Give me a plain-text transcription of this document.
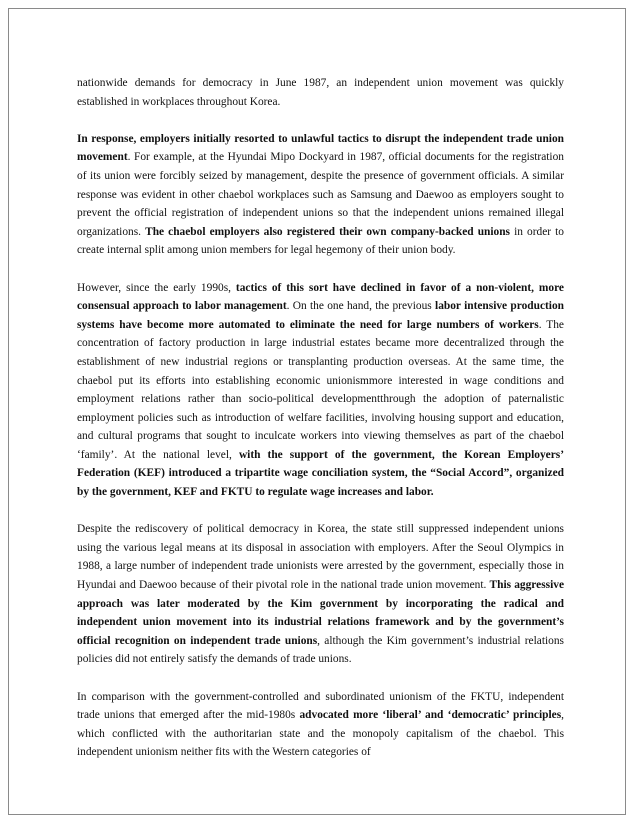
nationwide demands for democracy in June 1987, an independent union movement was quickly established in workplaces throughout Korea.

In response, employers initially resorted to unlawful tactics to disrupt the independent trade union movement. For example, at the Hyundai Mipo Dockyard in 1987, official documents for the registration of its union were forcibly seized by management, despite the presence of government officials. A similar response was evident in other chaebol workplaces such as Samsung and Daewoo as employers sought to prevent the official registration of independent unions so that the independent unions remained illegal organizations. The chaebol employers also registered their own company-backed unions in order to create internal split among union members for legal hegemony of their union body.

However, since the early 1990s, tactics of this sort have declined in favor of a non-violent, more consensual approach to labor management. On the one hand, the previous labor intensive production systems have become more automated to eliminate the need for large numbers of workers. The concentration of factory production in large industrial estates became more decentralized through the establishment of new industrial regions or transplanting production overseas. At the same time, the chaebol put its efforts into establishing economic unionismmore interested in wage conditions and employment relations rather than socio-political developmentthrough the adoption of paternalistic employment policies such as introduction of welfare facilities, involving housing support and education, and cultural programs that sought to inculcate workers into viewing themselves as part of the chaebol ‘family’. At the national level, with the support of the government, the Korean Employers’ Federation (KEF) introduced a tripartite wage conciliation system, the “Social Accord”, organized by the government, KEF and FKTU to regulate wage increases and labor.

Despite the rediscovery of political democracy in Korea, the state still suppressed independent unions using the various legal means at its disposal in association with employers. After the Seoul Olympics in 1988, a large number of independent trade unionists were arrested by the government, especially those in Hyundai and Daewoo because of their pivotal role in the national trade union movement. This aggressive approach was later moderated by the Kim government by incorporating the radical and independent union movement into its industrial relations framework and by the government’s official recognition on independent trade unions, although the Kim government’s industrial relations policies did not entirely satisfy the demands of trade unions.

In comparison with the government-controlled and subordinated unionism of the FKTU, independent trade unions that emerged after the mid-1980s advocated more ‘liberal’ and ‘democratic’ principles, which conflicted with the authoritarian state and the monopoly capitalism of the chaebol. This independent unionism neither fits with the Western categories of
